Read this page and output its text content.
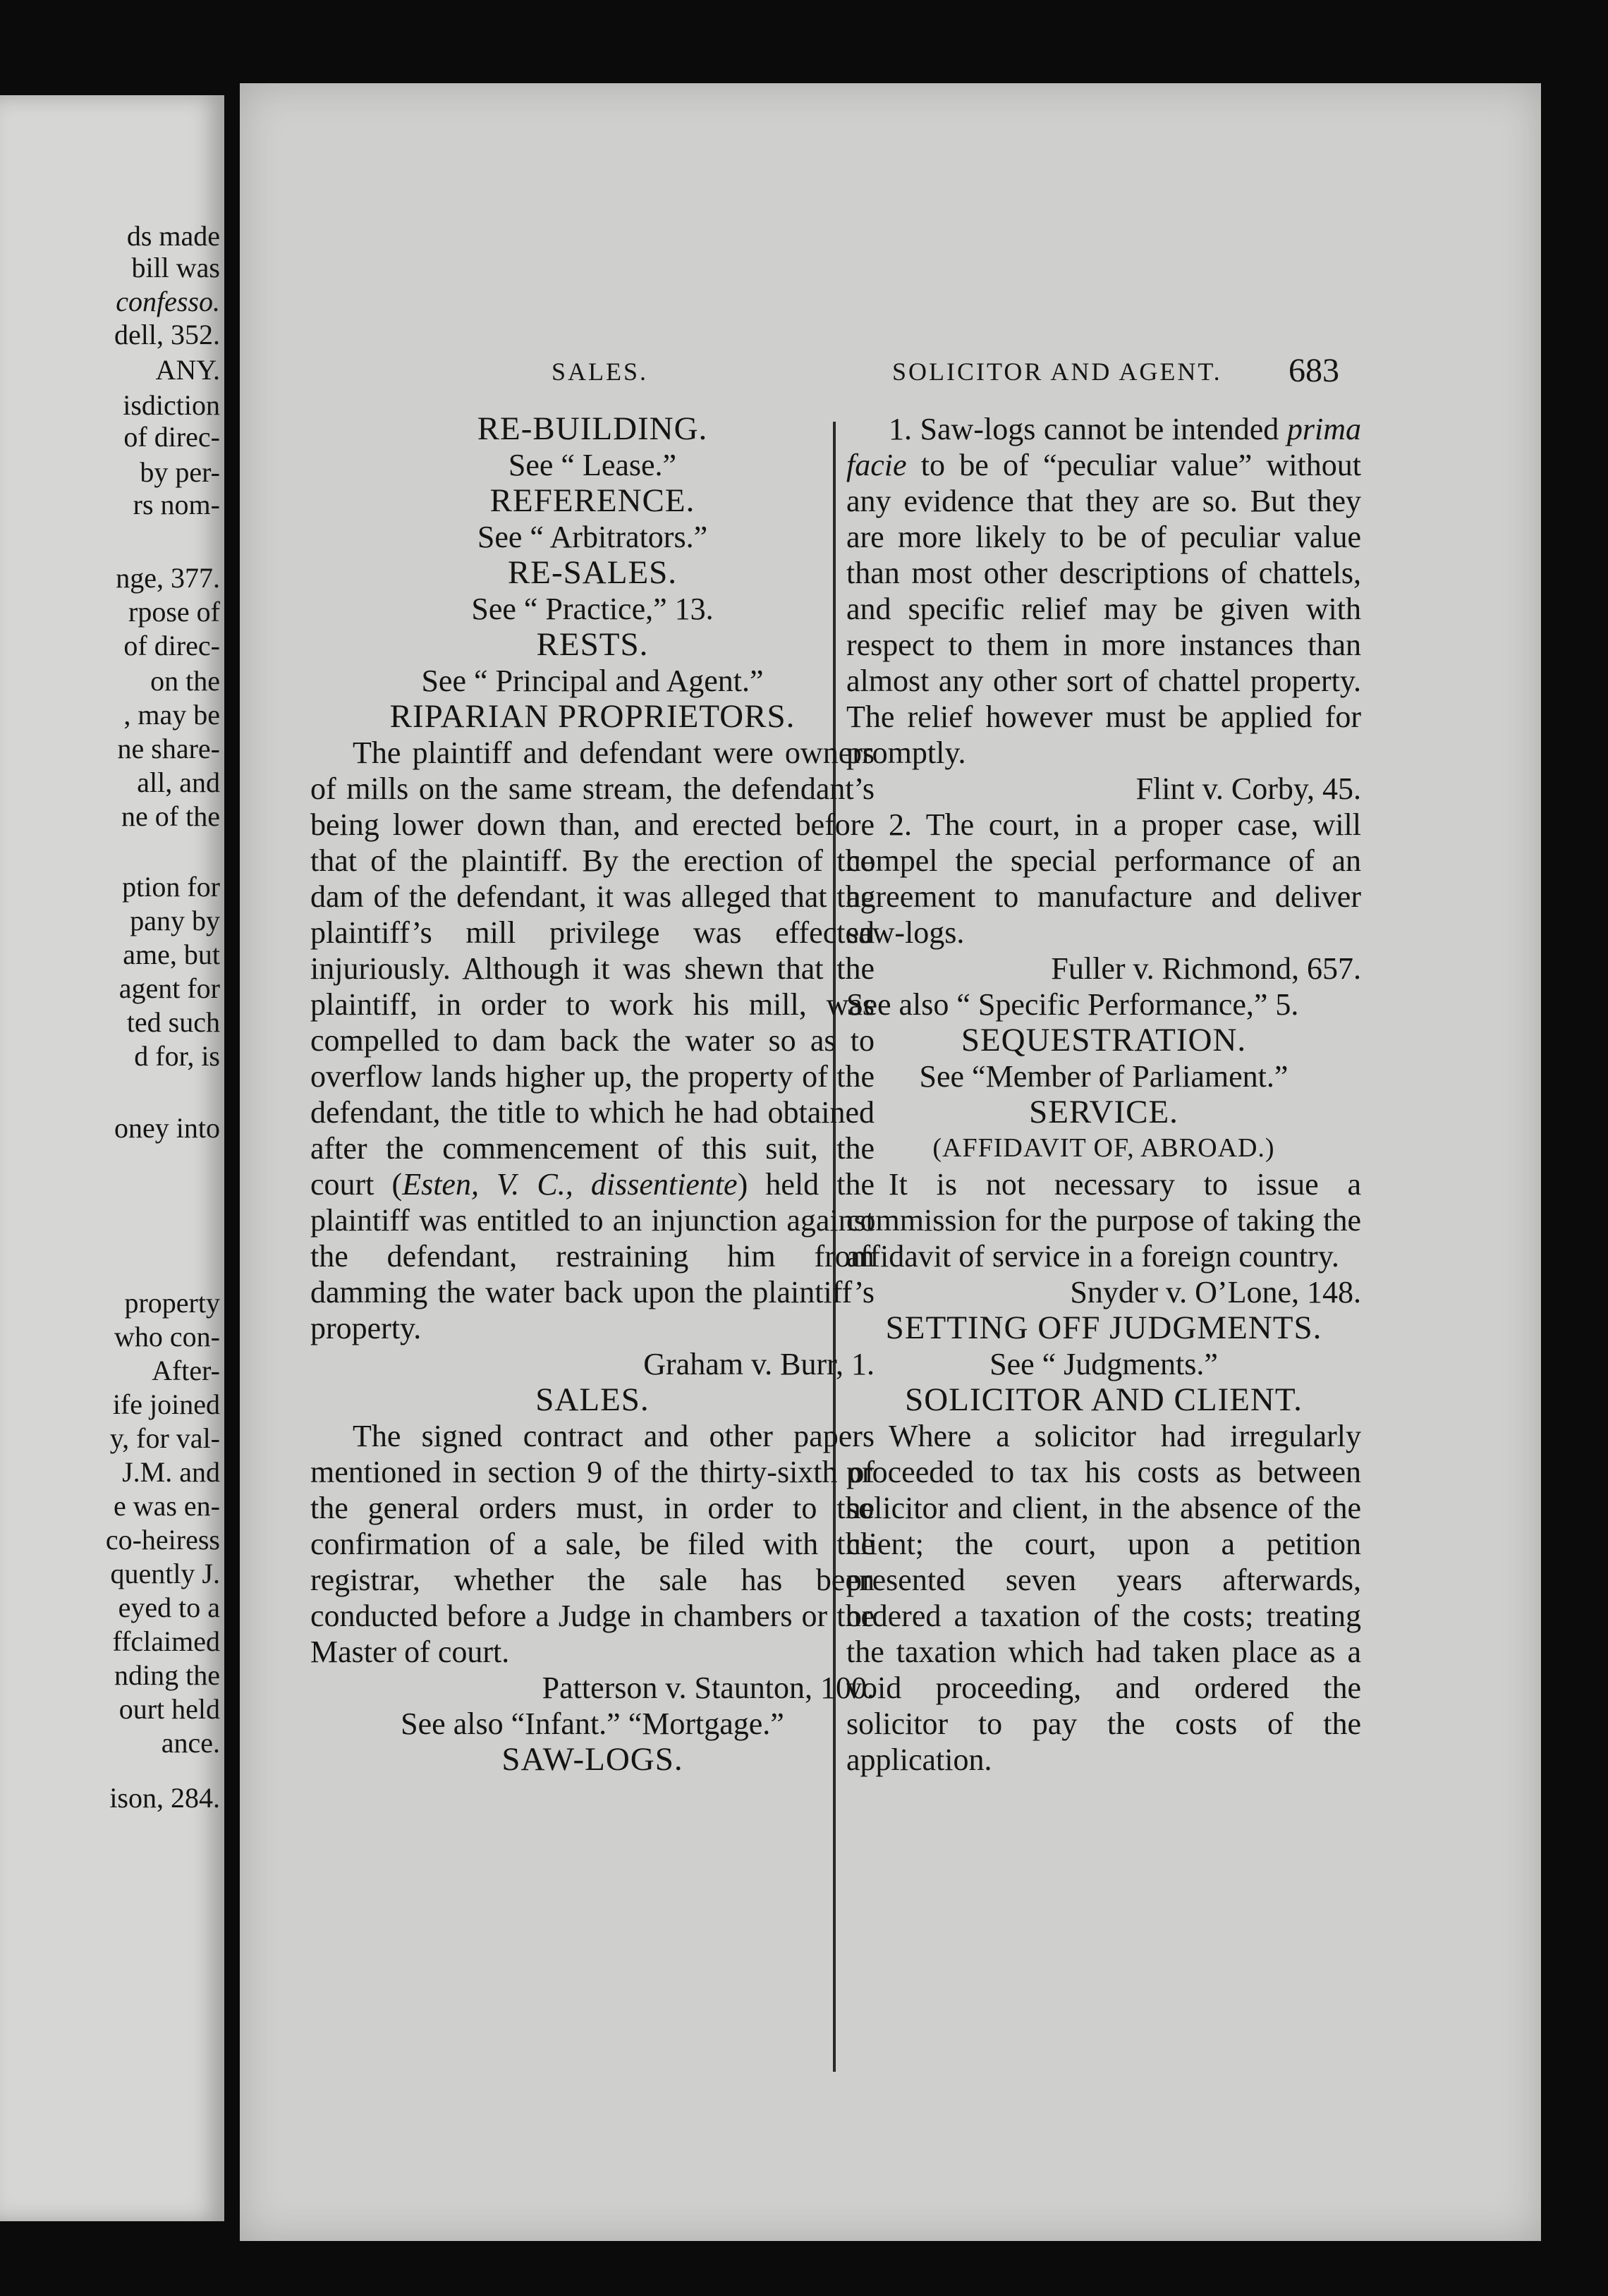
ds made
bill was
confesso.
dell, 352.
ANY.
isdiction
of direc-
by per-
rs nom-
nge, 377.
rpose of
of direc-
on the
, may be
ne share-
all, and
ne of the
ption for
pany by
ame, but
agent for
ted such
d for, is
oney into
property
who con-
After-
ife joined
y, for val-
J.M. and
e was en-
co-heiress
quently J.
eyed to a
ffclaimed
nding the
ourt held
ance.
ison, 284.
SALES.	SOLICITOR AND AGENT. 683

RE-BUILDING.

See “ Lease.”

REFERENCE.

See “ Arbitrators.”

RE-SALES.

See “ Practice,” 13.

RESTS.

See “ Principal and Agent.”

RIPARIAN PROPRIETORS.

The plaintiff and defendant were owners of mills on the same stream, the defendant’s being lower down than, and erected before that of the plaintiff. By the erection of the dam of the defendant, it was alleged that the plaintiff’s mill privilege was effected injuriously. Although it was shewn that the plaintiff, in order to work his mill, was compelled to dam back the water so as to overflow lands higher up, the property of the defendant, the title to which he had obtained after the commencement of this suit, the court (Esten, V. C., dissentiente) held the plaintiff was entitled to an injunction against the defendant, restraining him from damming the water back upon the plaintiff’s property.

Graham v. Burr, 1.

SALES.

The signed contract and other papers mentioned in section 9 of the thirty-sixth of the general orders must, in order to the confirmation of a sale, be filed with the registrar, whether the sale has been conducted before a Judge in chambers or the Master of court.

Patterson v. Staunton, 100.

See also “Infant.” “Mortgage.”

SAW-LOGS.

1. Saw-logs cannot be intended prima facie to be of “peculiar value” without any evidence that they are so. But they are more likely to be of peculiar value than most other descriptions of chattels, and specific relief may be given with respect to them in more instances than almost any other sort of chattel property. The relief however must be applied for promptly.

Flint v. Corby, 45.

2. The court, in a proper case, will compel the special performance of an agreement to manufacture and deliver saw-logs.

Fuller v. Richmond, 657.

See also “ Specific Performance,” 5.

SEQUESTRATION.

See “Member of Parliament.”

SERVICE.

(AFFIDAVIT OF, ABROAD.)

It is not necessary to issue a commission for the purpose of taking the affidavit of service in a foreign country.

Snyder v. O’Lone, 148.

SETTING OFF JUDGMENTS.

See “ Judgments.”

SOLICITOR AND CLIENT.

Where a solicitor had irregularly proceeded to tax his costs as between solicitor and client, in the absence of the client; the court, upon a petition presented seven years afterwards, ordered a taxation of the costs; treating the taxation which had taken place as a void proceeding, and ordered the solicitor to pay the costs of the application.
